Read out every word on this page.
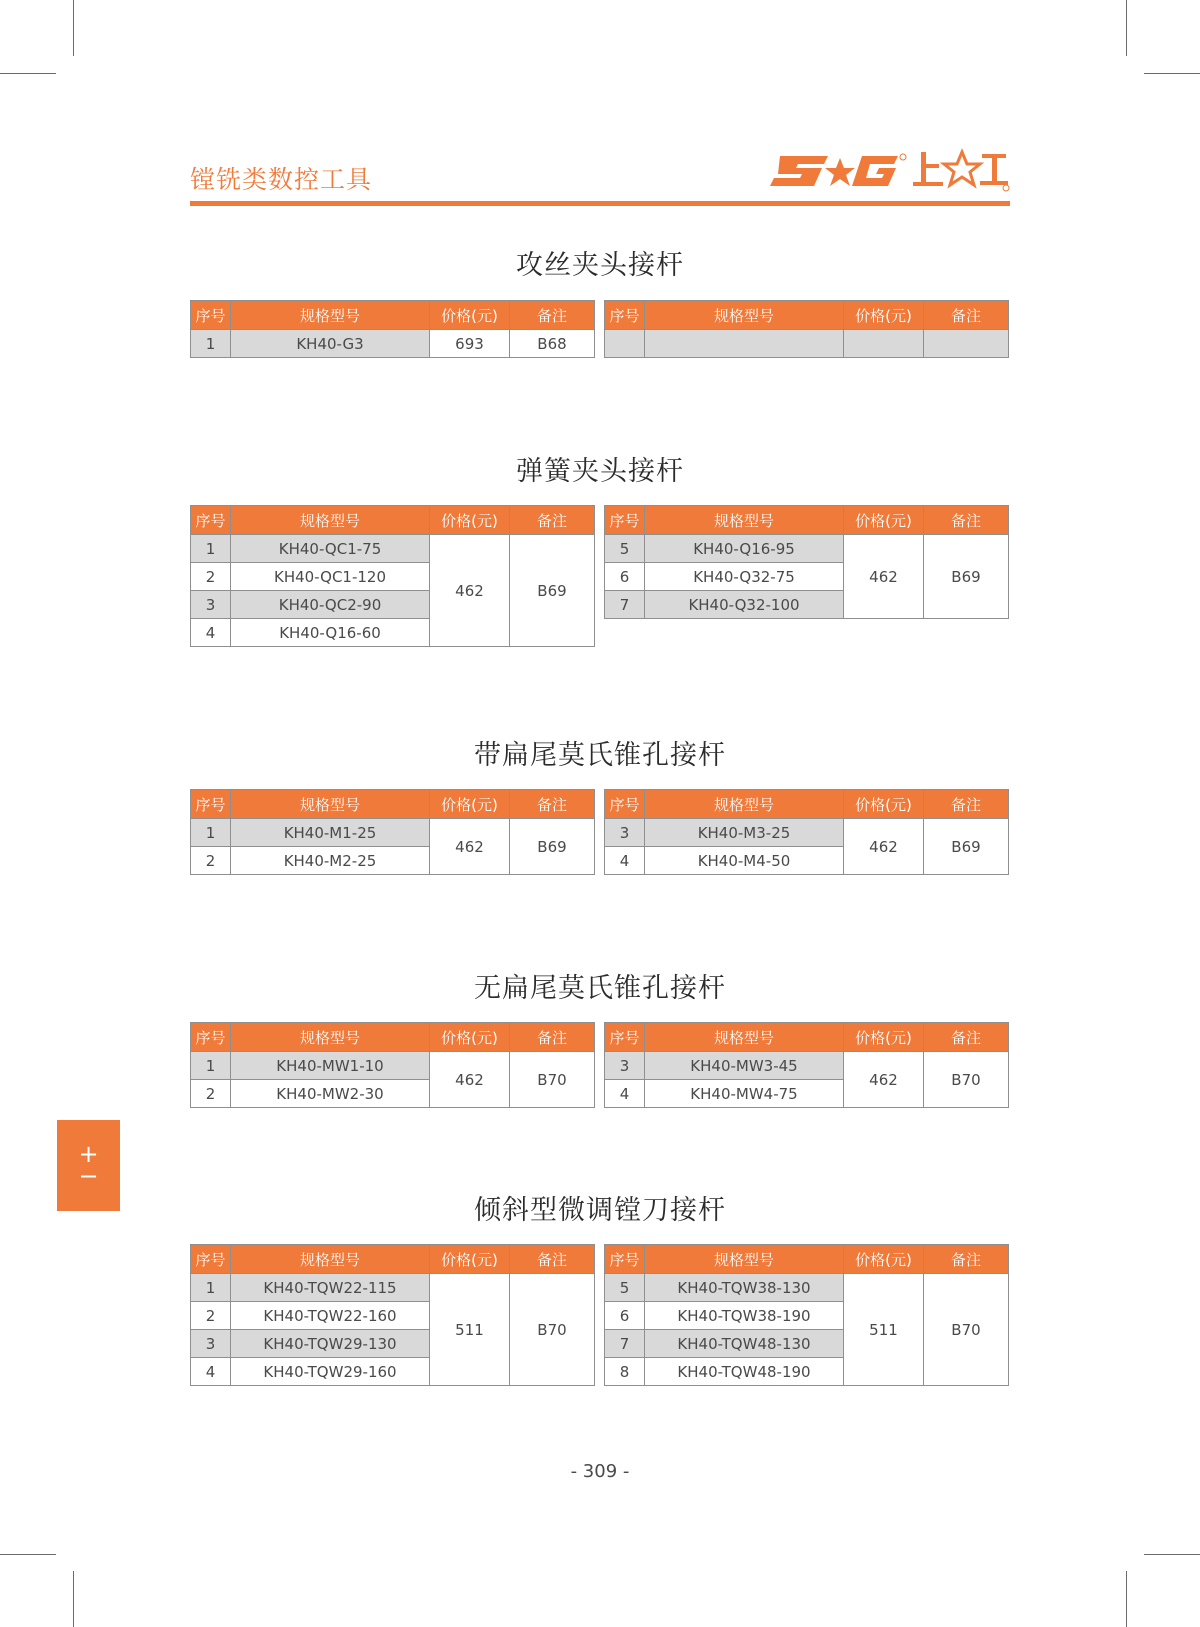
镗铣类数控工具
攻丝夹头接杆
序号	规格型号	价格(元)	备注
1	KH40-G3	693	B68
序号	规格型号	价格(元)	备注

弹簧夹头接杆
序号	规格型号	价格(元)	备注
1	KH40-QC1-75	462	B69
2	KH40-QC1-120		
3	KH40-QC2-90		
4	KH40-Q16-60		
序号	规格型号	价格(元)	备注
5	KH40-Q16-95	462	B69
6	KH40-Q32-75		
7	KH40-Q32-100		
带扁尾莫氏锥孔接杆
序号	规格型号	价格(元)	备注
1	KH40-M1-25	462	B69
2	KH40-M2-25		
序号	规格型号	价格(元)	备注
3	KH40-M3-25	462	B69
4	KH40-M4-50		
无扁尾莫氏锥孔接杆
序号	规格型号	价格(元)	备注
1	KH40-MW1-10	462	B70
2	KH40-MW2-30		
序号	规格型号	价格(元)	备注
3	KH40-MW3-45	462	B70
4	KH40-MW4-75		
倾斜型微调镗刀接杆
序号	规格型号	价格(元)	备注
1	KH40-TQW22-115	511	B70
2	KH40-TQW22-160		
3	KH40-TQW29-130		
4	KH40-TQW29-160		
序号	规格型号	价格(元)	备注
5	KH40-TQW38-130	511	B70
6	KH40-TQW38-190		
7	KH40-TQW48-130		
8	KH40-TQW48-190		
+
−
- 309 -
